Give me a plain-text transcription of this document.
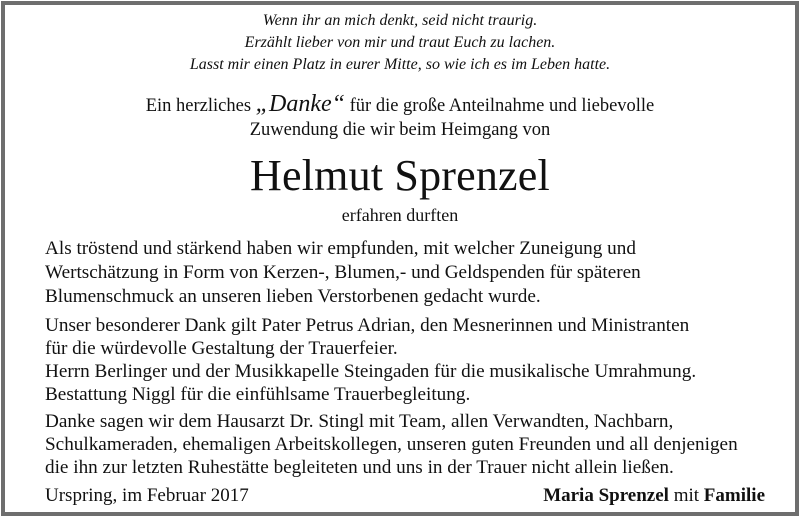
Wenn ihr an mich denkt, seid nicht traurig.
Erzählt lieber von mir und traut Euch zu lachen.
Lasst mir einen Platz in eurer Mitte, so wie ich es im Leben hatte.
Ein herzliches „Danke“ für die große Anteilnahme und liebevolle
Zuwendung die wir beim Heimgang von
Helmut Sprenzel
erfahren durften
Als tröstend und stärkend haben wir empfunden, mit welcher Zuneigung und
Wertschätzung in Form von Kerzen-, Blumen,- und Geldspenden für späteren
Blumenschmuck an unseren lieben Verstorbenen gedacht wurde.
Unser besonderer Dank gilt Pater Petrus Adrian, den Mesnerinnen und Ministranten
für die würdevolle Gestaltung der Trauerfeier.
Herrn Berlinger und der Musikkapelle Steingaden für die musikalische Umrahmung.
Bestattung Niggl für die einfühlsame Trauerbegleitung.
Danke sagen wir dem Hausarzt Dr. Stingl mit Team, allen Verwandten, Nachbarn,
Schulkameraden, ehemaligen Arbeitskollegen, unseren guten Freunden und all denjenigen
die ihn zur letzten Ruhestätte begleiteten und uns in der Trauer nicht allein ließen.
Urspring, im Februar 2017	Maria Sprenzel mit Familie
